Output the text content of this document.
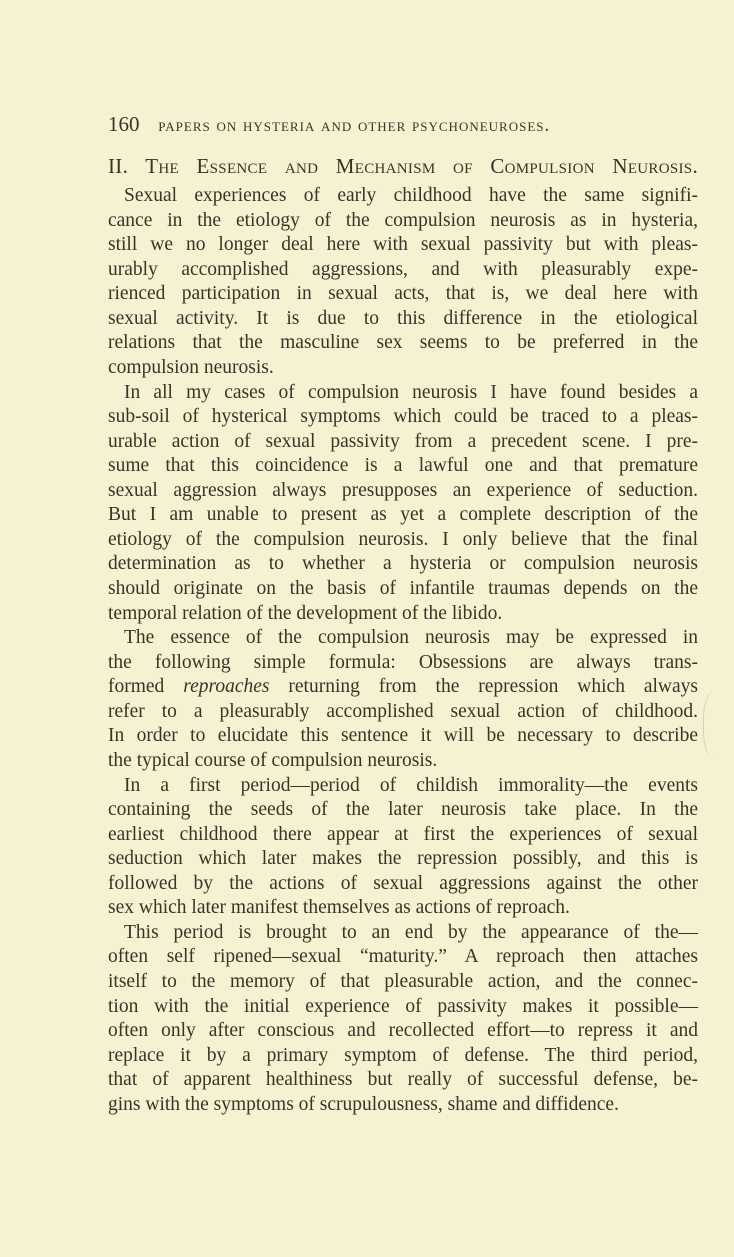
160 papers on hysteria and other psychoneuroses.
II. The Essence and Mechanism of Compulsion Neurosis.
Sexual experiences of early childhood have the same signifi-
cance in the etiology of the compulsion neurosis as in hysteria,
still we no longer deal here with sexual passivity but with pleas-
urably accomplished aggressions, and with pleasurably expe-
rienced participation in sexual acts, that is, we deal here with
sexual activity. It is due to this difference in the etiological
relations that the masculine sex seems to be preferred in the
compulsion neurosis.
In all my cases of compulsion neurosis I have found besides a
sub-soil of hysterical symptoms which could be traced to a pleas-
urable action of sexual passivity from a precedent scene. I pre-
sume that this coincidence is a lawful one and that premature
sexual aggression always presupposes an experience of seduction.
But I am unable to present as yet a complete description of the
etiology of the compulsion neurosis. I only believe that the final
determination as to whether a hysteria or compulsion neurosis
should originate on the basis of infantile traumas depends on the
temporal relation of the development of the libido.
The essence of the compulsion neurosis may be expressed in
the following simple formula: Obsessions are always trans-
formed reproaches returning from the repression which always
refer to a pleasurably accomplished sexual action of childhood.
In order to elucidate this sentence it will be necessary to describe
the typical course of compulsion neurosis.
In a first period—period of childish immorality—the events
containing the seeds of the later neurosis take place. In the
earliest childhood there appear at first the experiences of sexual
seduction which later makes the repression possibly, and this is
followed by the actions of sexual aggressions against the other
sex which later manifest themselves as actions of reproach.
This period is brought to an end by the appearance of the—
often self ripened—sexual “maturity.” A reproach then attaches
itself to the memory of that pleasurable action, and the connec-
tion with the initial experience of passivity makes it possible—
often only after conscious and recollected effort—to repress it and
replace it by a primary symptom of defense. The third period,
that of apparent healthiness but really of successful defense, be-
gins with the symptoms of scrupulousness, shame and diffidence.
